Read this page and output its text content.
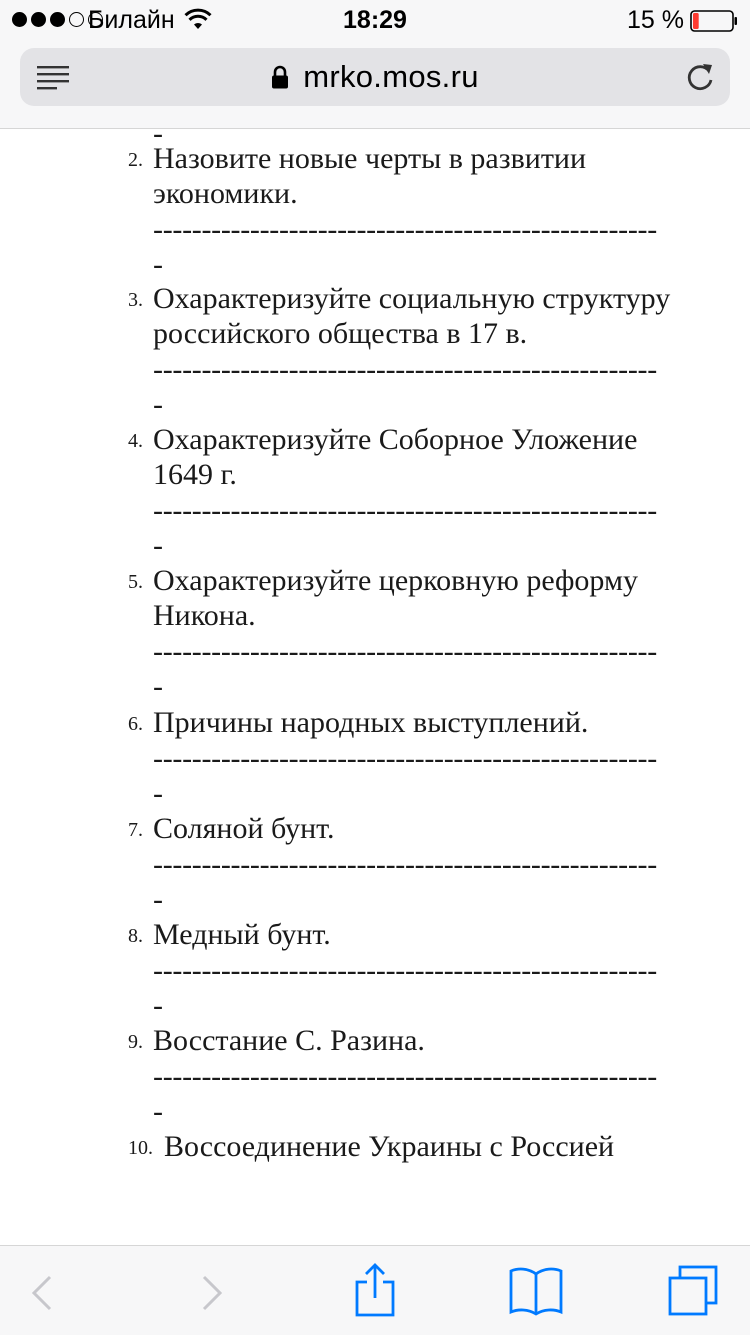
Билайн	18:29	15 %
mrko.mos.ru
-
2. Назовите новые черты в развитии экономики.
----------------------------------------------------
-
3. Охарактеризуйте социальную структуру российского общества в 17 в.
----------------------------------------------------
-
4. Охарактеризуйте Соборное Уложение 1649 г.
----------------------------------------------------
-
5. Охарактеризуйте церковную реформу Никона.
----------------------------------------------------
-
6. Причины народных выступлений.
----------------------------------------------------
-
7. Соляной бунт.
----------------------------------------------------
-
8. Медный бунт.
----------------------------------------------------
-
9. Восстание С. Разина.
----------------------------------------------------
-
10. Воссоединение Украины с Россией
